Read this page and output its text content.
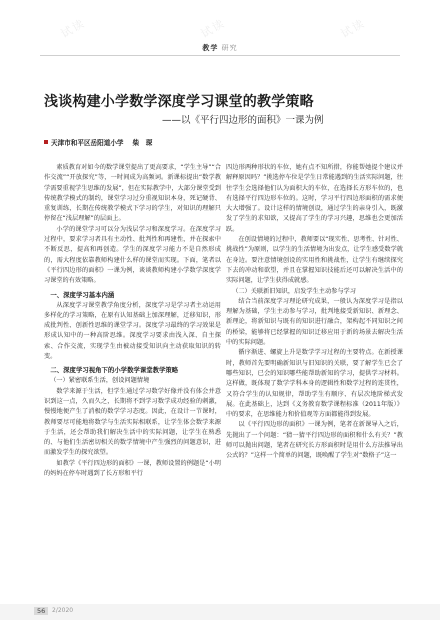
教学 研究
试读	试读	试读
浅谈构建小学数学深度学习课堂的教学策略
——以《平行四边形的面积》一课为例
天津市和平区岳阳道小学 柴　琛

素质教育对如今的数学课堂提出了更高要求，“学生主导”“合作交流”“开放探究”等，一时间成为高频词。新课标提出“数学教学需要重视学生思维的发展”，但在实际教学中，大部分课堂受到传统教学模式的制约，课堂学习过分重视知识本身，死记硬背、重复训练，长期在传统教学模式下学习的学生，对知识的理解只停留在“浅层理解”的层面上。

小学的课堂学习可以分为浅层学习和深度学习。在深度学习过程中，要求学习者具有主动性、批判性和再建性，并在探索中不断反思，提高和再创造。学生的深度学习能力不是自然形成的，需大程度依靠教师构建什么样的课堂而实现。下面，笔者以《平行四边形的面积》一课为例，谈谈教师构建小学数学深度学习课堂的有效策略。

一、深度学习基本内涵

从深度学习课堂教学角度分析，深度学习是学习者主动运用多样化的学习策略，在原有认知基础上加深理解，迁移知识，形成批判性、创新性思维的课堂学习。深度学习最终的学习效果是形成认知中的一种高阶思维。深度学习要求由浅入深、自主探索、合作交流，实现学生由被动接受知识向主动获取知识的转变。

二、深度学习视角下的小学数学课堂教学策略
（一）紧密联系生活，创设问题情境

数学来源于生活，但学生通过学习数学好像并没有体会并意识到这一点，久而久之，长期将不到学习数学成功经验的刺激，慢慢地便产生了消极的数学学习态度。因此，在设计一节课时，教师要尽可能地将数学与生活实际相联系，让学生体会数学来源于生活，还会帮助我们解决生活中的实际问题，让学生在熟悉的、与他们生活密切相关的数学情境中产生强烈的问题意识，进而激发学生的探究欲望。

如教学《平行四边形的面积》一课，教师设置的例题是“小明的妈妈在停车时遇到了长方形和平行

四边形两种形状的车位，她有点不知所措，你能帮她提个建议并解释原因吗？”挑选停车位是学生日常能遇到的生活实际问题，往往学生会选择他们认为面积大的车位，在选择长方形车位的，也有选择平行四边形车位的。这时，学习平行四边形面积的需求便大大增强了。设计这样的情境创设，通过学生的亲身引入，既激发了学生的求知欲，又提高了学生的学习兴趣，思维也会更加活跃。

在创设情境的过程中，教师要以“现实性、思考性、针对性、挑战性”为原则，以学生的生活情境为出发点，让学生感受数学就在身边。要注意情境创设的实用性和挑战性，让学生有继续探究下去的冲动和欲望，并且在掌握知识技能后还可以解决生活中的实际问题，让学生获得成就感。

（二）关联新旧知识，启发学生主动参与学习

结合当前深度学习理论研究成果，一般认为深度学习是指以理解为基础，学生主动参与学习，批判地接受新知识、新理念、新理论，将新知识与既有的知识进行融合，架构起不同知识之间的桥梁，能够将已经掌握的知识迁移应用于新的场景去解决生活中的实际问题。

循序渐进、螺旋上升是数学学习过程的主要特点。在新授课时，教师首先要明确新知识与旧知识的关联，要了解学生已会了哪些知识，已会的知识哪些能帮助新知的学习，提供学习材料。这样做，既体现了数学学科本身的逻辑性和数学过程的连贯性，又符合学生的认知规律，帮助学生有顺序、有层次地阶梯式发展。在此基础上，达到《义务教育数学课程标准（2011年版）》中的要求，在思维能力和价值观等方面都能得到发展。

以《平行四边形的面积》一课为例，笔者在新课导入之后，先抛出了一个问题：“猜一猜平行四边形的面积和什么有关？”教师可以抛出问题，笔者在研究长方形面积时是用什么方法推导出公式的？”这样一个简单的问题，既唤醒了学生对“数格子”这一

56	2/2020
